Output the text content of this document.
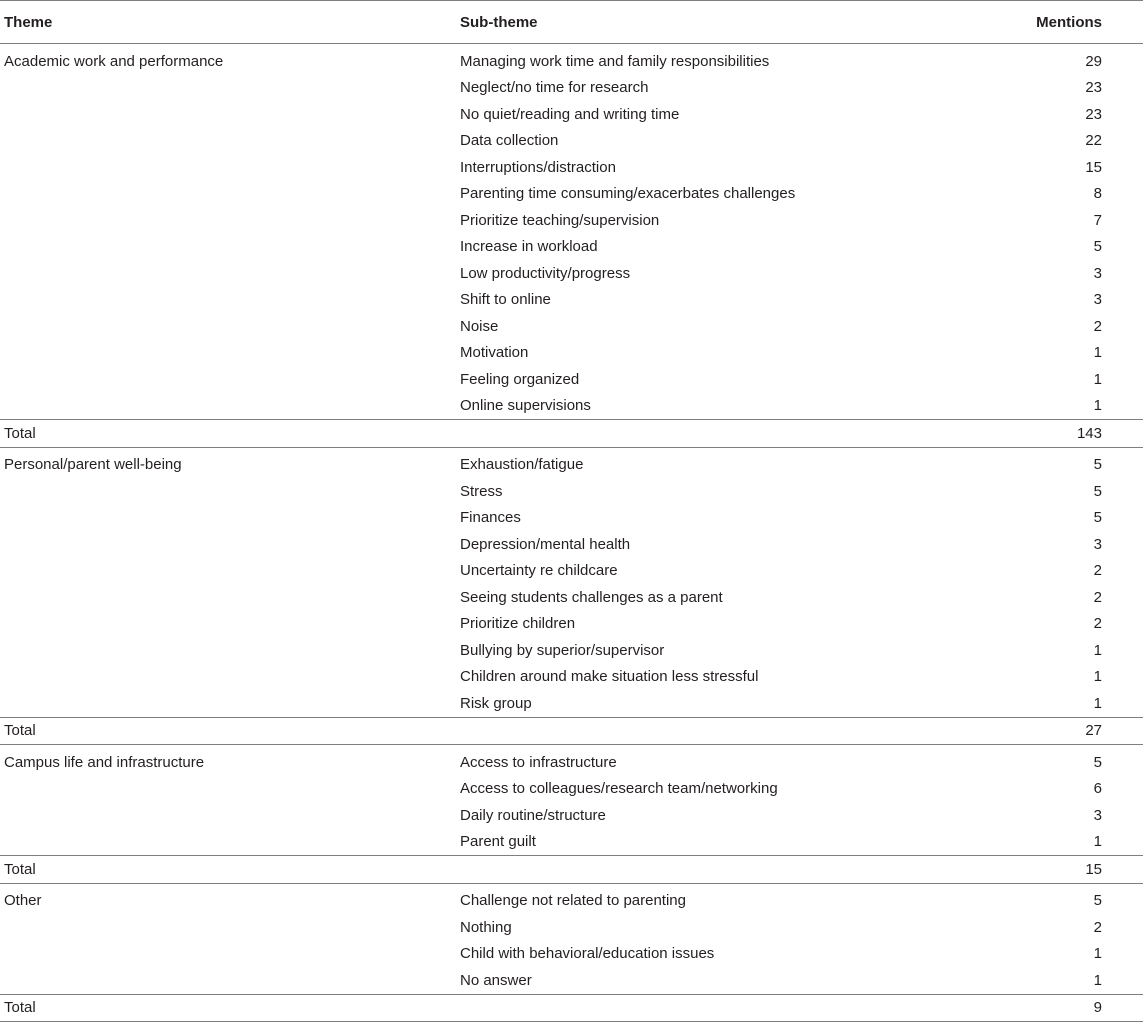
Theme	Sub-theme	Mentions
Academic work and performance	Managing work time and family responsibilities	29

	Neglect/no time for research	23

	No quiet/reading and writing time	23

	Data collection	22

	Interruptions/distraction	15

	Parenting time consuming/exacerbates challenges	8

	Prioritize teaching/supervision	7

	Increase in workload	5

	Low productivity/progress	3

	Shift to online	3

	Noise	2

	Motivation	1

	Feeling organized	1

	Online supervisions	1

Total		143

Personal/parent well-being	Exhaustion/fatigue	5

	Stress	5

	Finances	5

	Depression/mental health	3

	Uncertainty re childcare	2

	Seeing students challenges as a parent	2

	Prioritize children	2

	Bullying by superior/supervisor	1

	Children around make situation less stressful	1

	Risk group	1

Total		27

Campus life and infrastructure	Access to infrastructure	5

	Access to colleagues/research team/networking	6

	Daily routine/structure	3

	Parent guilt	1

Total		15

Other	Challenge not related to parenting	5

	Nothing	2

	Child with behavioral/education issues	1

	No answer	1

Total		9
